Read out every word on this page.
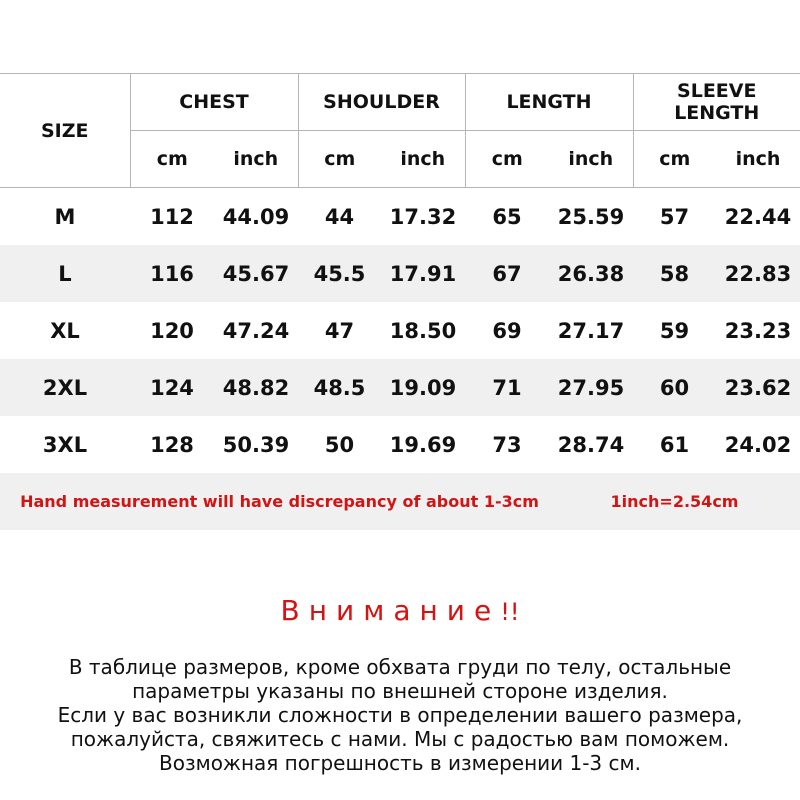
SIZE	CHEST		SHOULDER		LENGTH		SLEEVE LENGTH	
	cm	inch	cm	inch	cm	inch	cm	inch
M	112	44.09	44	17.32	65	25.59	57	22.44
L	116	45.67	45.5	17.91	67	26.38	58	22.83
XL	120	47.24	47	18.50	69	27.17	59	23.23
2XL	124	48.82	48.5	19.09	71	27.95	60	23.62
3XL	128	50.39	50	19.69	73	28.74	61	24.02
Hand measurement will have discrepancy of about 1-3cm						1inch=2.54cm		
Внимание!!
В таблице размеров, кроме обхвата груди по телу, остальные
параметры указаны по внешней стороне изделия.
Если у вас возникли сложности в определении вашего размера,
пожалуйста, свяжитесь с нами. Мы с радостью вам поможем.
Возможная погрешность в измерении 1-3 см.
